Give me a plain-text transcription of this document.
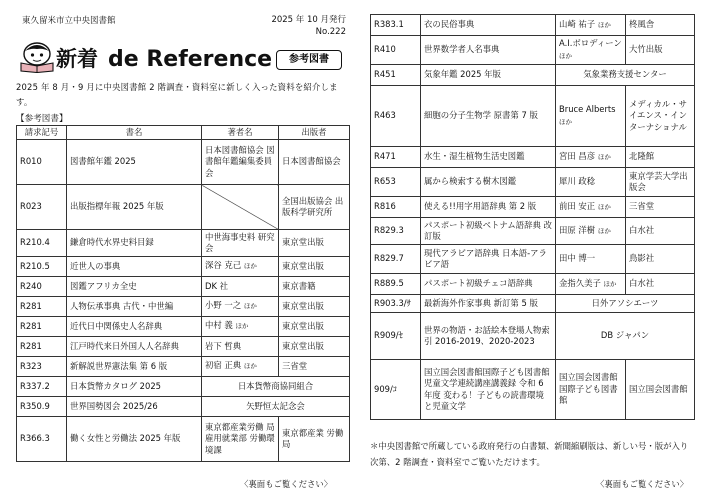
東久留米市立中央図書館	2025 年 10 月発行
No.222
新着 de Reference	参考図書
2025 年 8 月・9 月に中央図書館 2 階調査・資料室に新しく入った資料を紹介します。
【参考図書】
請求記号	書名	著者名	出版者
R010	図書館年鑑 2025	日本図書館協会 図書館年鑑編集委員会	日本図書館協会
R023	出版指標年報 2025 年版		全国出版協会 出版科学研究所
R210.4	鎌倉時代水界史料目録	中世海事史料 研究会	東京堂出版
R210.5	近世人の事典	深谷 克己 ほか	東京堂出版
R240	図鑑アフリカ全史	DK 社	東京書籍
R281	人物伝承事典 古代・中世編	小野 一之 ほか	東京堂出版
R281	近代日中関係史人名辞典	中村 義 ほか	東京堂出版
R281	江戸時代来日外国人人名辞典	岩下 哲典	東京堂出版
R323	新解説世界憲法集 第 6 版	初宿 正典 ほか	三省堂
R337.2	日本貨幣カタログ 2025	日本貨幣商協同組合	
R350.9	世界国勢図会 2025/26	矢野恒太記念会	
R366.3	働く女性と労働法 2025 年版	東京都産業労働 局雇用就業部 労働環境課	東京都産業 労働局
〈裏面もご覧ください〉
R383.1	衣の民俗事典	山崎 祐子 ほか	柊風舎
R410	世界数学者人名事典	A.I.ボロディーン ほか	大竹出版
R451	気象年鑑 2025 年版	気象業務支援センター	
R463	細胞の分子生物学 原書第 7 版	Bruce Alberts ほか	メディカル・サイエンス・インターナショナル
R471	水生・湿生植物生活史図鑑	宮田 昌彦 ほか	北隆館
R653	属から検索する樹木図鑑	犀川 政稔	東京学芸大学出版会
R816	使える!!用字用語辞典 第 2 版	前田 安正 ほか	三省堂
R829.3	パスポート初級ベトナム語辞典 改訂版	田原 洋樹 ほか	白水社
R829.7	現代アラビア語辞典 日本語-アラビア語	田中 博一	鳥影社
R889.5	パスポート初級チェコ語辞典	金指久美子 ほか	白水社
R903.3/ｻ	最新海外作家事典 新訂第 5 版	日外アソシエーツ	
R909/ｾ	世界の物語・お話絵本登場人物索引 2016-2019、2020-2023	DB ジャパン	
909/ｺ	国立国会図書館国際子ども図書館児童文学連続講座講義録 令和 6 年度 変わる！子どもの読書環境と児童文学	国立国会図書館 国際子ども図書館	国立国会図書館
＊中央図書館で所蔵している政府発行の白書類、新聞縮刷版は、新しい号・版が入り次第、2 階調査・資料室でご覧いただけます。
〈裏面もご覧ください〉
